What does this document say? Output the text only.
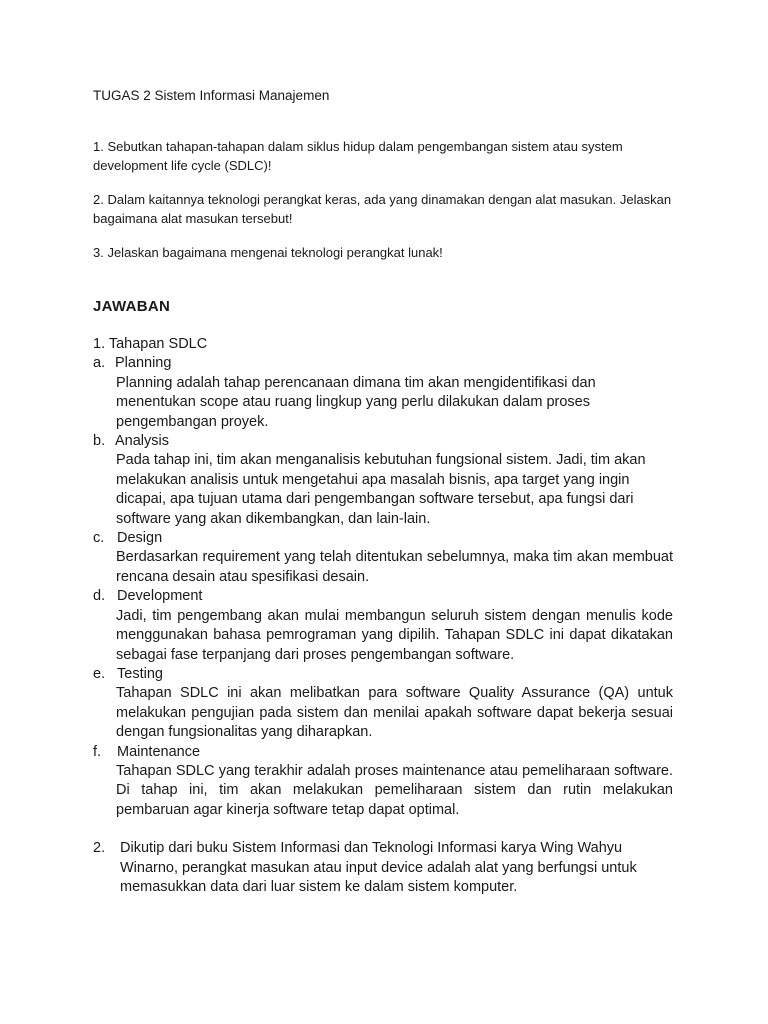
TUGAS 2 Sistem Informasi Manajemen

1. Sebutkan tahapan-tahapan dalam siklus hidup dalam pengembangan sistem atau system development life cycle (SDLC)!

2. Dalam kaitannya teknologi perangkat keras, ada yang dinamakan dengan alat masukan. Jelaskan bagaimana alat masukan tersebut!

3. Jelaskan bagaimana mengenai teknologi perangkat lunak!

JAWABAN
1. Tahapan SDLC
a. Planning

Planning adalah tahap perencanaan dimana tim akan mengidentifikasi dan menentukan scope atau ruang lingkup yang perlu dilakukan dalam proses pengembangan proyek.

b. Analysis

Pada tahap ini, tim akan menganalisis kebutuhan fungsional sistem. Jadi, tim akan melakukan analisis untuk mengetahui apa masalah bisnis, apa target yang ingin dicapai, apa tujuan utama dari pengembangan software tersebut, apa fungsi dari software yang akan dikembangkan, dan lain-lain.

c. Design

Berdasarkan requirement yang telah ditentukan sebelumnya, maka tim akan membuat rencana desain atau spesifikasi desain.

d. Development

Jadi, tim pengembang akan mulai membangun seluruh sistem dengan menulis kode menggunakan bahasa pemrograman yang dipilih. Tahapan SDLC ini dapat dikatakan sebagai fase terpanjang dari proses pengembangan software.

e. Testing

Tahapan SDLC ini akan melibatkan para software Quality Assurance (QA) untuk melakukan pengujian pada sistem dan menilai apakah software dapat bekerja sesuai dengan fungsionalitas yang diharapkan.

f. Maintenance

Tahapan SDLC yang terakhir adalah proses maintenance atau pemeliharaan software. Di tahap ini, tim akan melakukan pemeliharaan sistem dan rutin melakukan pembaruan agar kinerja software tetap dapat optimal.

2.	Dikutip dari buku Sistem Informasi dan Teknologi Informasi karya Wing Wahyu Winarno, perangkat masukan atau input device adalah alat yang berfungsi untuk memasukkan data dari luar sistem ke dalam sistem komputer.
